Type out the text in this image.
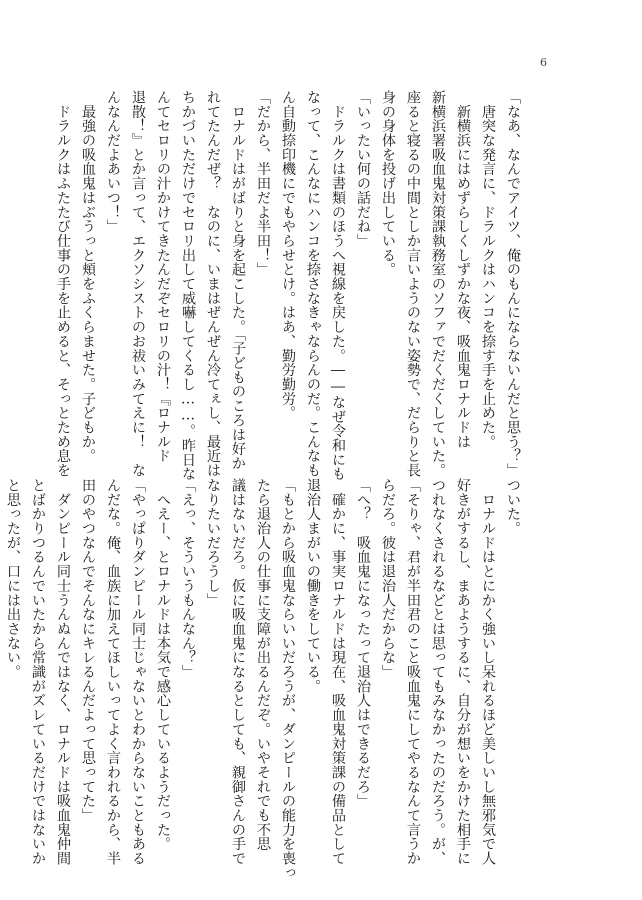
6
「なあ、なんでアイツ、俺のもんにならないんだと思う？」
　唐突な発言に、ドラルクはハンコを捺す手を止めた。
　新横浜にはめずらしくしずかな夜、吸血鬼ロナルドは
新横浜署吸血鬼対策課執務室のソファでだくだくしていた。
座ると寝るの中間としか言いようのない姿勢で、だらりと長
身の身体を投げ出している。
「いったい何の話だね」
　ドラルクは書類のほうへ視線を戻した。――なぜ令和にも
なって、こんなにハンコを捺さなきゃならんのだ。こんなも
ん自動捺印機にでもやらせとけ。はあ、勤労勤労。
「だから、半田だよ半田！」
　ロナルドはがばりと身を起こした。「子どものころは好か
れてたんだぜ？　なのに、いまはぜんぜん冷てぇし、最近は
ちかづいただけでセロリ出して威嚇してくるし……。昨日な
んてセロリの汁かけてきたんだぞセロリの汁！『ロナルド
退散！』とか言って、エクソシストのお祓いみてえに！　な
んなんだよあいつ！」
　最強の吸血鬼はぶうっと頬をふくらませた。子どもか。
　ドラルクはふたたび仕事の手を止めると、そっとため息を
ついた。
　ロナルドはとにかく強いし呆れるほど美しいし無邪気で人
好きがするし、まあようするに、自分が想いをかけた相手に
つれなくされるなどとは思ってもみなかったのだろう。が、
「そりゃ、君が半田君のこと吸血鬼にしてやるなんて言うか
らだろ。彼は退治人だからな」
「へ？　吸血鬼になったって退治人はできるだろ」
　確かに、事実ロナルドは現在、吸血鬼対策課の備品として
退治人まがいの働きをしている。
「もとから吸血鬼ならいいだろうが、ダンピールの能力を喪っ
たら退治人の仕事に支障が出るんだぞ。いやそれでも不思
議はないだろ。仮に吸血鬼になるとしても、親御さんの手で
なりたいだろうし」
「えっ、そういうもんなん？」
　へえー、とロナルドは本気で感心しているようだった。
「やっぱりダンピール同士じゃないとわからないこともある
んだな。俺、血族に加えてほしいってよく言われるから、半
田のやつなんでそんなにキレるんだよって思ってた」
　ダンピール同士うんぬんではなく、ロナルドは吸血鬼仲間
とばかりつるんでいたから常識がズレているだけではないか
と思ったが、口には出さない。
